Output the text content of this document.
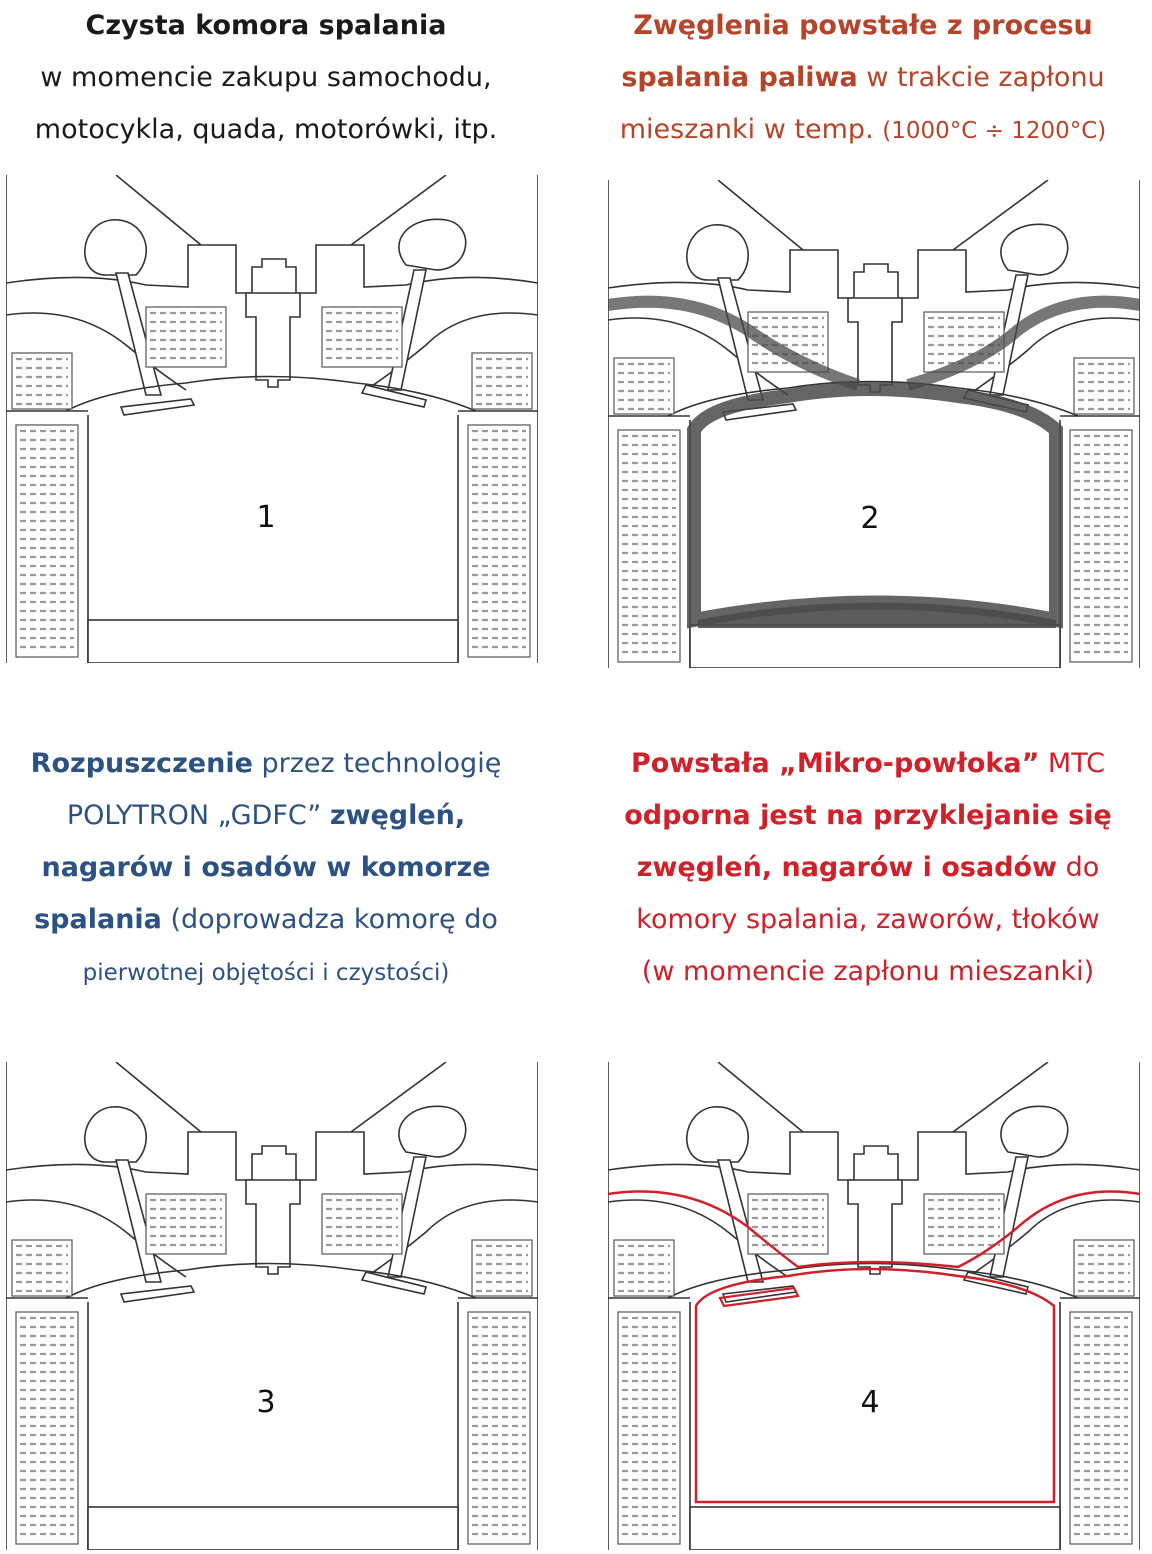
Czysta komora spalania
w momencie zakupu samochodu,
motocykla, quada, motorówki, itp.
Zwęglenia powstałe z procesu
spalania paliwa w trakcie zapłonu
mieszanki w temp. (1000°C ÷ 1200°C)
Rozpuszczenie przez technologię
POLYTRON „GDFC” zwęgleń,
nagarów i osadów w komorze
spalania (doprowadza komorę do
pierwotnej objętości i czystości)
Powstała „Mikro-powłoka” MTC
odporna jest na przyklejanie się
zwęgleń, nagarów i osadów do
komory spalania, zaworów, tłoków
(w momencie zapłonu mieszanki)
1	2
3	4
